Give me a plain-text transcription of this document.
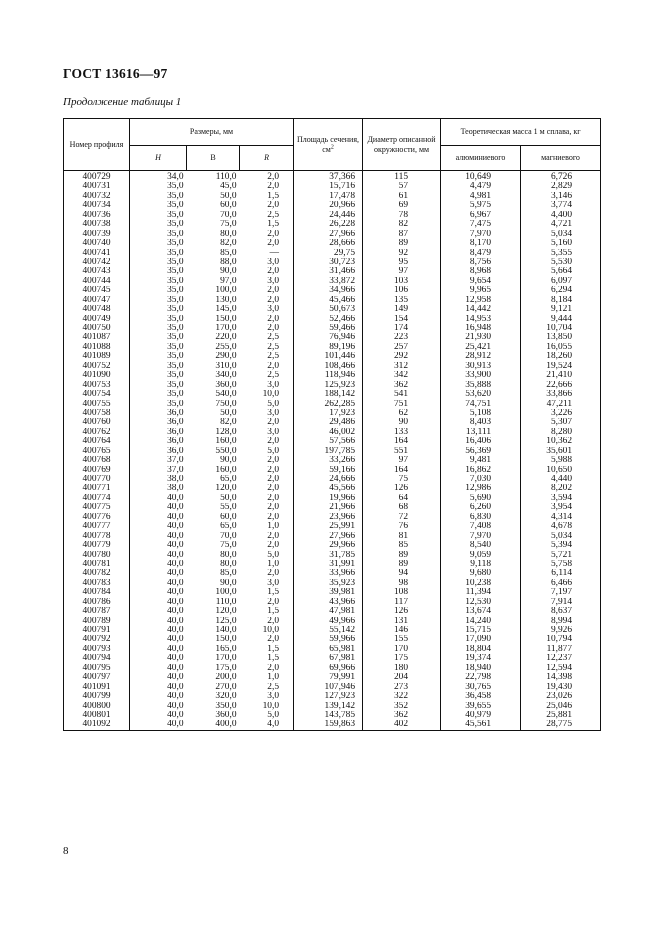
ГОСТ 13616—97
Продолжение таблицы 1
Номер профиля	Размеры, мм			Площадь сечения, $см^2$	Диаметр описанной окружности, мм	Теоретическая масса 1 м сплава, кг	
	H	B	R			алюминиевого	магниевого
400729	34,0	110,0	2,0	37,366	115	10,649	6,726
400731	35,0	45,0	2,0	15,716	57	4,479	2,829
400732	35,0	50,0	1,5	17,478	61	4,981	3,146
400734	35,0	60,0	2,0	20,966	69	5,975	3,774
400736	35,0	70,0	2,5	24,446	78	6,967	4,400
400738	35,0	75,0	1,5	26,228	82	7,475	4,721
400739	35,0	80,0	2,0	27,966	87	7,970	5,034
400740	35,0	82,0	2,0	28,666	89	8,170	5,160
400741	35,0	85,0	—	29,75	92	8,479	5,355
400742	35,0	88,0	3,0	30,723	95	8,756	5,530
400743	35,0	90,0	2,0	31,466	97	8,968	5,664
400744	35,0	97,0	3,0	33,872	103	9,654	6,097
400745	35,0	100,0	2,0	34,966	106	9,965	6,294
400747	35,0	130,0	2,0	45,466	135	12,958	8,184
400748	35,0	145,0	3,0	50,673	149	14,442	9,121
400749	35,0	150,0	2,0	52,466	154	14,953	9,444
400750	35,0	170,0	2,0	59,466	174	16,948	10,704
401087	35,0	220,0	2,5	76,946	223	21,930	13,850
401088	35,0	255,0	2,5	89,196	257	25,421	16,055
401089	35,0	290,0	2,5	101,446	292	28,912	18,260
400752	35,0	310,0	2,0	108,466	312	30,913	19,524
401090	35,0	340,0	2,5	118,946	342	33,900	21,410
400753	35,0	360,0	3,0	125,923	362	35,888	22,666
400754	35,0	540,0	10,0	188,142	541	53,620	33,866
400755	35,0	750,0	5,0	262,285	751	74,751	47,211
400758	36,0	50,0	3,0	17,923	62	5,108	3,226
400760	36,0	82,0	2,0	29,486	90	8,403	5,307
400762	36,0	128,0	3,0	46,002	133	13,111	8,280
400764	36,0	160,0	2,0	57,566	164	16,406	10,362
400765	36,0	550,0	5,0	197,785	551	56,369	35,601
400768	37,0	90,0	2,0	33,266	97	9,481	5,988
400769	37,0	160,0	2,0	59,166	164	16,862	10,650
400770	38,0	65,0	2,0	24,666	75	7,030	4,440
400771	38,0	120,0	2,0	45,566	126	12,986	8,202
400774	40,0	50,0	2,0	19,966	64	5,690	3,594
400775	40,0	55,0	2,0	21,966	68	6,260	3,954
400776	40,0	60,0	2,0	23,966	72	6,830	4,314
400777	40,0	65,0	1,0	25,991	76	7,408	4,678
400778	40,0	70,0	2,0	27,966	81	7,970	5,034
400779	40,0	75,0	2,0	29,966	85	8,540	5,394
400780	40,0	80,0	5,0	31,785	89	9,059	5,721
400781	40,0	80,0	1,0	31,991	89	9,118	5,758
400782	40,0	85,0	2,0	33,966	94	9,680	6,114
400783	40,0	90,0	3,0	35,923	98	10,238	6,466
400784	40,0	100,0	1,5	39,981	108	11,394	7,197
400786	40,0	110,0	2,0	43,966	117	12,530	7,914
400787	40,0	120,0	1,5	47,981	126	13,674	8,637
400789	40,0	125,0	2,0	49,966	131	14,240	8,994
400791	40,0	140,0	10,0	55,142	146	15,715	9,926
400792	40,0	150,0	2,0	59,966	155	17,090	10,794
400793	40,0	165,0	1,5	65,981	170	18,804	11,877
400794	40,0	170,0	1,5	67,981	175	19,374	12,237
400795	40,0	175,0	2,0	69,966	180	18,940	12,594
400797	40,0	200,0	1,0	79,991	204	22,798	14,398
401091	40,0	270,0	2,5	107,946	273	30,765	19,430
400799	40,0	320,0	3,0	127,923	322	36,458	23,026
400800	40,0	350,0	10,0	139,142	352	39,655	25,046
400801	40,0	360,0	5,0	143,785	362	40,979	25,881
401092	40,0	400,0	4,0	159,863	402	45,561	28,775
8
